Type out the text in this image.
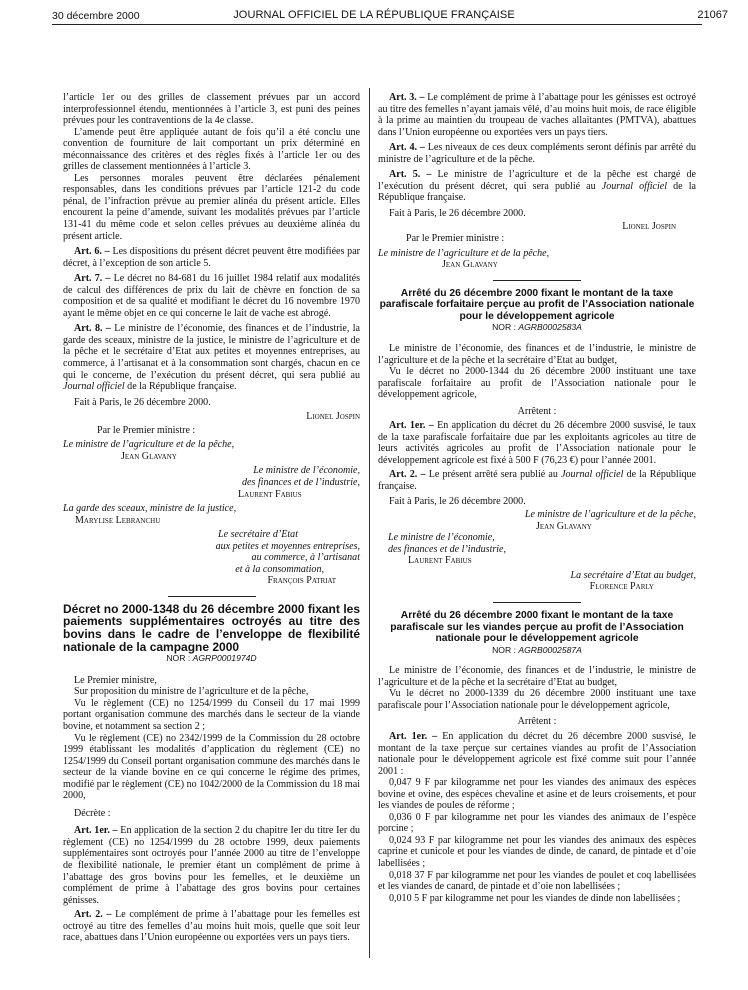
30 décembre 2000	JOURNAL OFFICIEL DE LA RÉPUBLIQUE FRANÇAISE	21067

l’article 1er ou des grilles de classement prévues par un accord interprofessionnel étendu, mentionnées à l’article 3, est puni des peines prévues pour les contraventions de la 4e classe.

L’amende peut être appliquée autant de fois qu’il a été conclu une convention de fourniture de lait comportant un prix déterminé en méconnaissance des critères et des règles fixés à l’article 1er ou des grilles de classement mentionnées à l’article 3.

Les personnes morales peuvent être déclarées pénalement responsables, dans les conditions prévues par l’article 121-2 du code pénal, de l’infraction prévue au premier alinéa du présent article. Elles encourent la peine d’amende, suivant les modalités prévues par l’article 131-41 du même code et selon celles prévues au deuxième alinéa du présent article.

Art. 6. – Les dispositions du présent décret peuvent être modifiées par décret, à l’exception de son article 5.

Art. 7. – Le décret no 84-681 du 16 juillet 1984 relatif aux modalités de calcul des différences de prix du lait de chèvre en fonction de sa composition et de sa qualité et modifiant le décret du 16 novembre 1970 ayant le même objet en ce qui concerne le lait de vache est abrogé.

Art. 8. – Le ministre de l’économie, des finances et de l’industrie, la garde des sceaux, ministre de la justice, le ministre de l’agriculture et de la pêche et le secrétaire d’Etat aux petites et moyennes entreprises, au commerce, à l’artisanat et à la consommation sont chargés, chacun en ce qui le concerne, de l’exécution du présent décret, qui sera publié au Journal officiel de la République française.

Fait à Paris, le 26 décembre 2000.

Lionel Jospin

Par le Premier ministre :

Le ministre de l’agriculture et de la pêche,

Jean Glavany

Le ministre de l’économie,

des finances et de l’industrie,

Laurent Fabius

La garde des sceaux, ministre de la justice,

Marylise Lebranchu

Le secrétaire d’Etat

aux petites et moyennes entreprises,

au commerce, à l’artisanat

et à la consommation,

François Patriat

Décret no 2000-1348 du 26 décembre 2000 fixant les paiements supplémentaires octroyés au titre des bovins dans le cadre de l’enveloppe de flexibilité nationale de la campagne 2000

NOR : AGRP0001974D

Le Premier ministre,

Sur proposition du ministre de l’agriculture et de la pêche,

Vu le règlement (CE) no 1254/1999 du Conseil du 17 mai 1999 portant organisation commune des marchés dans le secteur de la viande bovine, et notamment sa section 2 ;

Vu le règlement (CE) no 2342/1999 de la Commission du 28 octobre 1999 établissant les modalités d’application du règlement (CE) no 1254/1999 du Conseil portant organisation commune des marchés dans le secteur de la viande bovine en ce qui concerne le régime des primes, modifié par le règlement (CE) no 1042/2000 de la Commission du 18 mai 2000,

Décrète :

Art. 1er. – En application de la section 2 du chapitre Ier du titre Ier du règlement (CE) no 1254/1999 du 28 octobre 1999, deux paiements supplémentaires sont octroyés pour l’année 2000 au titre de l’enveloppe de flexibilité nationale, le premier étant un complément de prime à l’abattage des gros bovins pour les femelles, et le deuxième un complément de prime à l’abattage des gros bovins pour certaines génisses.

Art. 2. – Le complément de prime à l’abattage pour les femelles est octroyé au titre des femelles d’au moins huit mois, quelle que soit leur race, abattues dans l’Union européenne ou exportées vers un pays tiers.

Art. 3. – Le complément de prime à l’abattage pour les génisses est octroyé au titre des femelles n’ayant jamais vêlé, d’au moins huit mois, de race éligible à la prime au maintien du troupeau de vaches allaitantes (PMTVA), abattues dans l’Union européenne ou exportées vers un pays tiers.

Art. 4. – Les niveaux de ces deux compléments seront définis par arrêté du ministre de l’agriculture et de la pêche.

Art. 5. – Le ministre de l’agriculture et de la pêche est chargé de l’exécution du présent décret, qui sera publié au Journal officiel de la République française.

Fait à Paris, le 26 décembre 2000.

Lionel Jospin

Par le Premier ministre :

Le ministre de l’agriculture et de la pêche,

Jean Glavany

Arrêté du 26 décembre 2000 fixant le montant de la taxe parafiscale forfaitaire perçue au profit de l’Association nationale pour le développement agricole

NOR : AGRB0002583A

Le ministre de l’économie, des finances et de l’industrie, le ministre de l’agriculture et de la pêche et la secrétaire d’Etat au budget,

Vu le décret no 2000-1344 du 26 décembre 2000 instituant une taxe parafiscale forfaitaire au profit de l’Association nationale pour le développement agricole,

Arrêtent :

Art. 1er. – En application du décret du 26 décembre 2000 susvisé, le taux de la taxe parafiscale forfaitaire due par les exploitants agricoles au titre de leurs activités agricoles au profit de l’Association nationale pour le développement agricole est fixé à 500 F (76,23 €) pour l’année 2001.

Art. 2. – Le présent arrêté sera publié au Journal officiel de la République française.

Fait à Paris, le 26 décembre 2000.

Le ministre de l’agriculture et de la pêche,

Jean Glavany

Le ministre de l’économie,

des finances et de l’industrie,

Laurent Fabius

La secrétaire d’Etat au budget,

Florence Parly

Arrêté du 26 décembre 2000 fixant le montant de la taxe parafiscale sur les viandes perçue au profit de l’Association nationale pour le développement agricole

NOR : AGRB0002587A

Le ministre de l’économie, des finances et de l’industrie, le ministre de l’agriculture et de la pêche et la secrétaire d’Etat au budget,

Vu le décret no 2000-1339 du 26 décembre 2000 instituant une taxe parafiscale pour l’Association nationale pour le développement agricole,

Arrêtent :

Art. 1er. – En application du décret du 26 décembre 2000 susvisé, le montant de la taxe perçue sur certaines viandes au profit de l’Association nationale pour le développement agricole est fixé comme suit pour l’année 2001 :

0,047 9 F par kilogramme net pour les viandes des animaux des espèces bovine et ovine, des espèces chevaline et asine et de leurs croisements, et pour les viandes de poules de réforme ;

0,036 0 F par kilogramme net pour les viandes des animaux de l’espèce porcine ;

0,024 93 F par kilogramme net pour les viandes des animaux des espèces caprine et cunicole et pour les viandes de dinde, de canard, de pintade et d’oie labellisées ;

0,018 37 F par kilogramme net pour les viandes de poulet et coq labellisées et les viandes de canard, de pintade et d’oie non labellisées ;

0,010 5 F par kilogramme net pour les viandes de dinde non labellisées ;
